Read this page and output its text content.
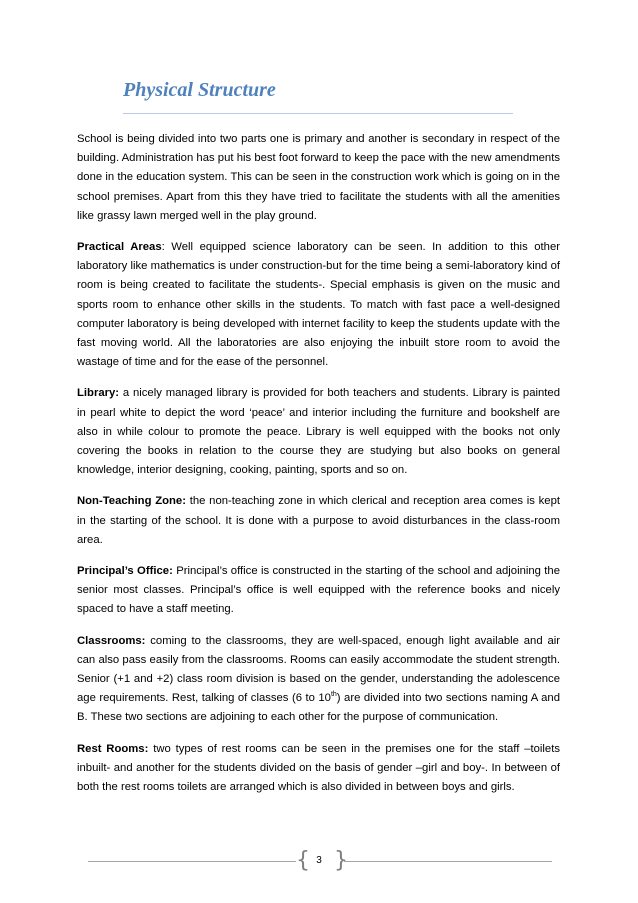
Physical Structure

School is being divided into two parts one is primary and another is secondary in respect of the building. Administration has put his best foot forward to keep the pace with the new amendments done in the education system. This can be seen in the construction work which is going on in the school premises. Apart from this they have tried to facilitate the students with all the amenities like grassy lawn merged well in the play ground.

Practical Areas: Well equipped science laboratory can be seen. In addition to this other laboratory like mathematics is under construction-but for the time being a semi-laboratory kind of room is being created to facilitate the students-. Special emphasis is given on the music and sports room to enhance other skills in the students. To match with fast pace a well-designed computer laboratory is being developed with internet facility to keep the students update with the fast moving world. All the laboratories are also enjoying the inbuilt store room to avoid the wastage of time and for the ease of the personnel.

Library: a nicely managed library is provided for both teachers and students. Library is painted in pearl white to depict the word ‘peace’ and interior including the furniture and bookshelf are also in while colour to promote the peace. Library is well equipped with the books not only covering the books in relation to the course they are studying but also books on general knowledge, interior designing, cooking, painting, sports and so on.

Non-Teaching Zone: the non-teaching zone in which clerical and reception area comes is kept in the starting of the school. It is done with a purpose to avoid disturbances in the class-room area.

Principal’s Office: Principal’s office is constructed in the starting of the school and adjoining the senior most classes. Principal’s office is well equipped with the reference books and nicely spaced to have a staff meeting.

Classrooms: coming to the classrooms, they are well-spaced, enough light available and air can also pass easily from the classrooms. Rooms can easily accommodate the student strength. Senior (+1 and +2) class room division is based on the gender, understanding the adolescence age requirements. Rest, talking of classes (6 to 10th) are divided into two sections naming A and B. These two sections are adjoining to each other for the purpose of communication.

Rest Rooms: two types of rest rooms can be seen in the premises one for the staff –toilets inbuilt- and another for the students divided on the basis of gender –girl and boy-. In between of both the rest rooms toilets are arranged which is also divided in between boys and girls.

{ }
3
